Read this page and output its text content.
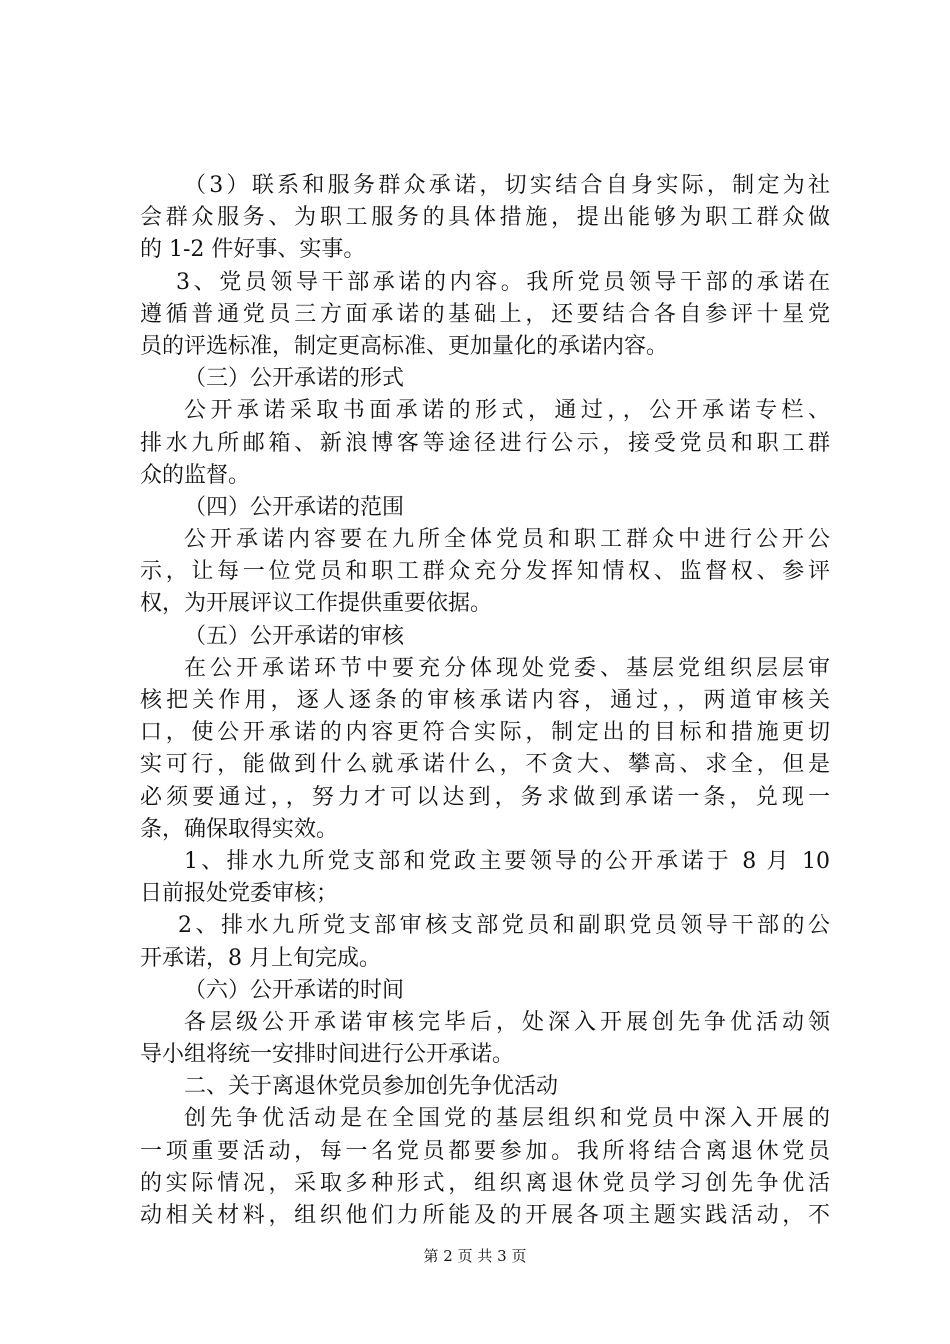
（3）联系和服务群众承诺，切实结合自身实际，制定为社
会群众服务、为职工服务的具体措施，提出能够为职工群众做
的 1-2 件好事、实事。
3、党员领导干部承诺的内容。我所党员领导干部的承诺在
遵循普通党员三方面承诺的基础上，还要结合各自参评十星党
员的评选标准，制定更高标准、更加量化的承诺内容。
（三）公开承诺的形式
公开承诺采取书面承诺的形式，通过，，公开承诺专栏、
排水九所邮箱、新浪博客等途径进行公示，接受党员和职工群
众的监督。
（四）公开承诺的范围
公开承诺内容要在九所全体党员和职工群众中进行公开公
示，让每一位党员和职工群众充分发挥知情权、监督权、参评
权，为开展评议工作提供重要依据。
（五）公开承诺的审核
在公开承诺环节中要充分体现处党委、基层党组织层层审
核把关作用，逐人逐条的审核承诺内容，通过，，两道审核关
口，使公开承诺的内容更符合实际，制定出的目标和措施更切
实可行，能做到什么就承诺什么，不贪大、攀高、求全，但是
必须要通过，，努力才可以达到，务求做到承诺一条，兑现一
条，确保取得实效。
1、排水九所党支部和党政主要领导的公开承诺于 8 月 10
日前报处党委审核；
2、排水九所党支部审核支部党员和副职党员领导干部的公
开承诺，8 月上旬完成。
（六）公开承诺的时间
各层级公开承诺审核完毕后，处深入开展创先争优活动领
导小组将统一安排时间进行公开承诺。
二、关于离退休党员参加创先争优活动
创先争优活动是在全国党的基层组织和党员中深入开展的
一项重要活动，每一名党员都要参加。我所将结合离退休党员
的实际情况，采取多种形式，组织离退休党员学习创先争优活
动相关材料，组织他们力所能及的开展各项主题实践活动，不
第 2 页 共 3 页
